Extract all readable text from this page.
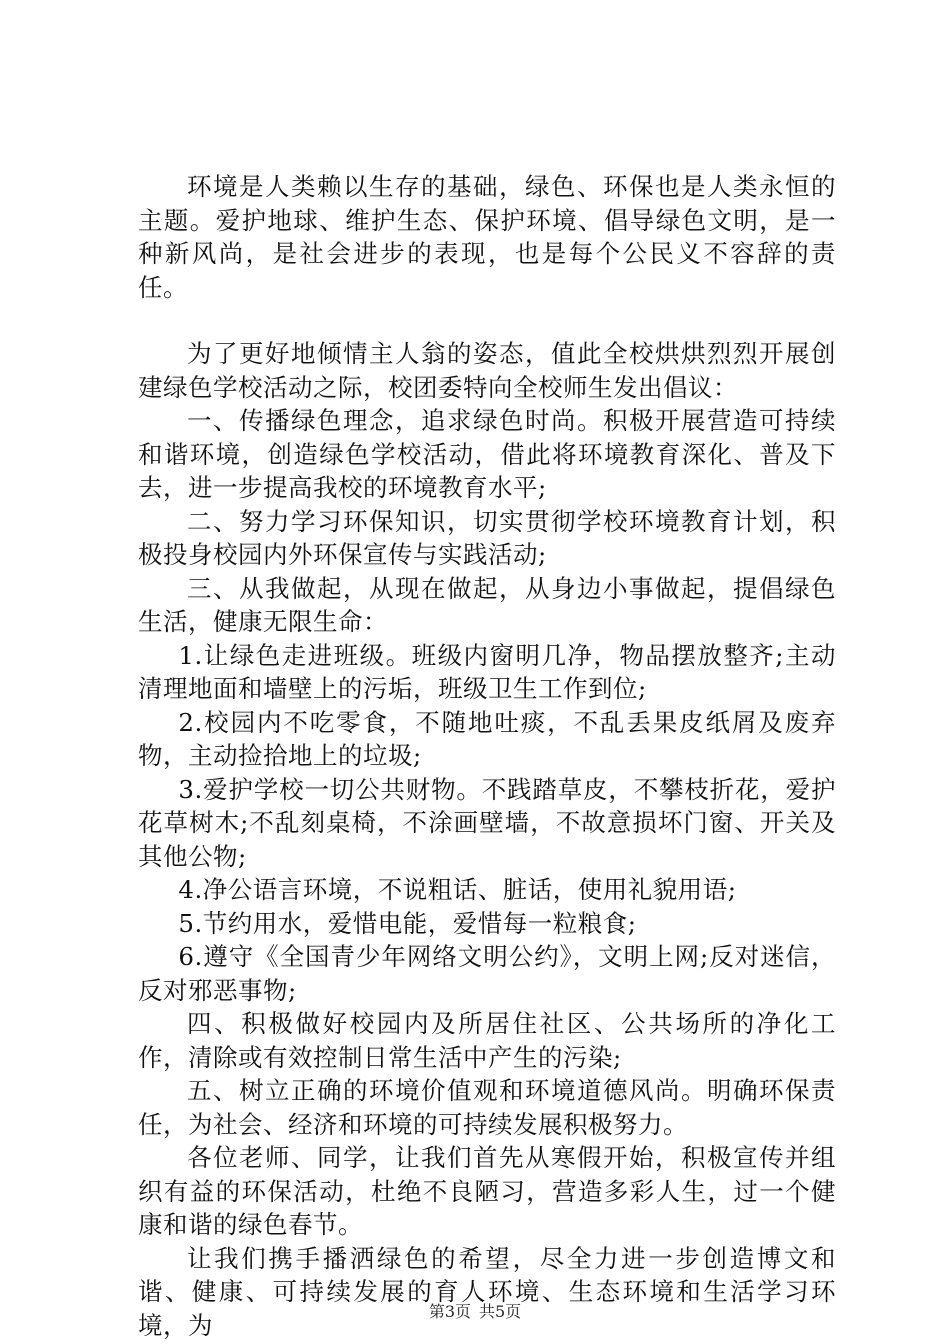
环境是人类赖以生存的基础，绿色、环保也是人类永恒的主题。爱护地球、维护生态、保护环境、倡导绿色文明，是一种新风尚，是社会进步的表现，也是每个公民义不容辞的责任。

为了更好地倾情主人翁的姿态，值此全校烘烘烈烈开展创建绿色学校活动之际，校团委特向全校师生发出倡议：

一、传播绿色理念，追求绿色时尚。积极开展营造可持续和谐环境，创造绿色学校活动，借此将环境教育深化、普及下去，进一步提高我校的环境教育水平;

二、努力学习环保知识，切实贯彻学校环境教育计划，积极投身校园内外环保宣传与实践活动;

三、从我做起，从现在做起，从身边小事做起，提倡绿色生活，健康无限生命：

1.让绿色走进班级。班级内窗明几净，物品摆放整齐;主动清理地面和墙壁上的污垢，班级卫生工作到位;

2.校园内不吃零食，不随地吐痰，不乱丢果皮纸屑及废弃物，主动捡拾地上的垃圾;

3.爱护学校一切公共财物。不践踏草皮，不攀枝折花，爱护花草树木;不乱刻桌椅，不涂画壁墙，不故意损坏门窗、开关及其他公物;

4.净公语言环境，不说粗话、脏话，使用礼貌用语;

5.节约用水，爱惜电能，爱惜每一粒粮食;

6.遵守《全国青少年网络文明公约》，文明上网;反对迷信，反对邪恶事物;

四、积极做好校园内及所居住社区、公共场所的净化工作，清除或有效控制日常生活中产生的污染;

五、树立正确的环境价值观和环境道德风尚。明确环保责任，为社会、经济和环境的可持续发展积极努力。

各位老师、同学，让我们首先从寒假开始，积极宣传并组织有益的环保活动，杜绝不良陋习，营造多彩人生，过一个健康和谐的绿色春节。

让我们携手播洒绿色的希望，尽全力进一步创造博文和谐、健康、可持续发展的育人环境、生态环境和生活学习环境，为	第3页 共5页
